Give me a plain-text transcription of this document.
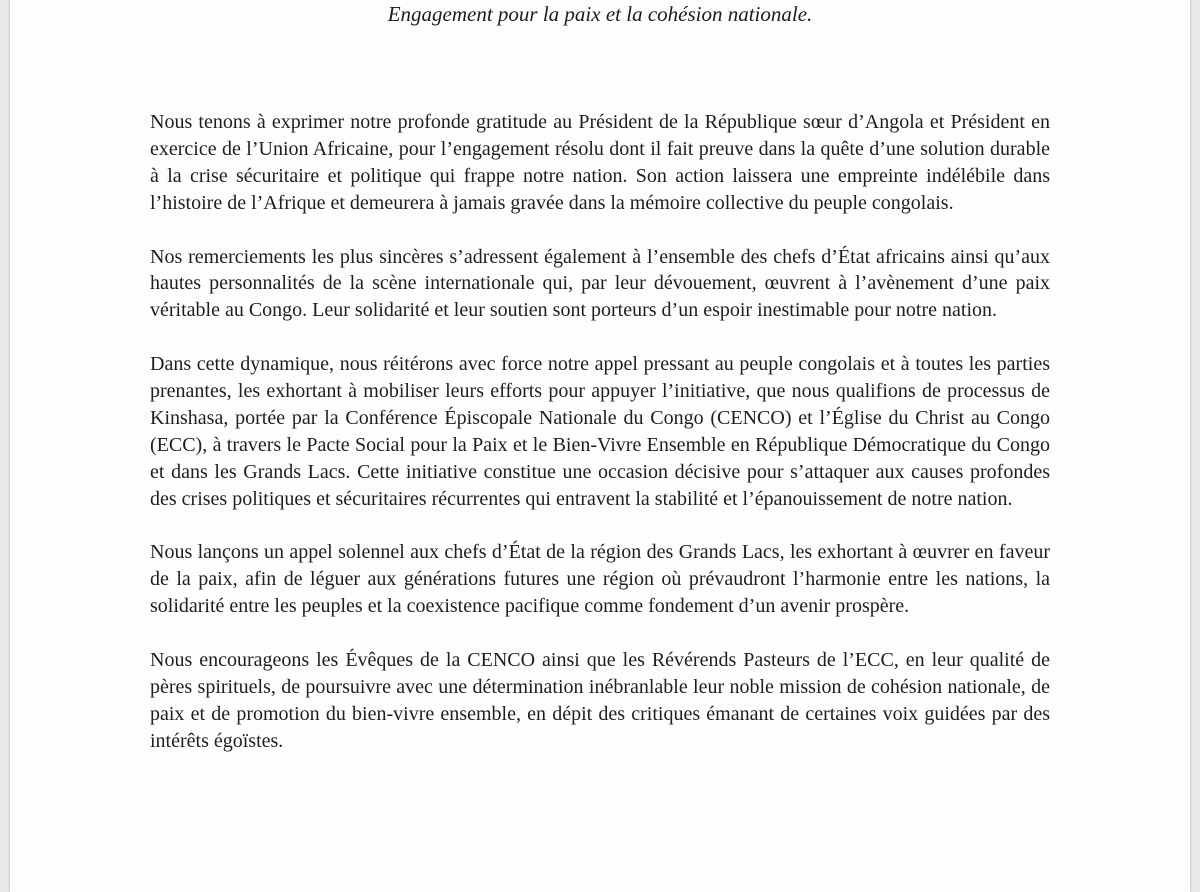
Engagement pour la paix et la cohésion nationale.

Nous tenons à exprimer notre profonde gratitude au Président de la République sœur d’Angola et Président en exercice de l’Union Africaine, pour l’engagement résolu dont il fait preuve dans la quête d’une solution durable à la crise sécuritaire et politique qui frappe notre nation. Son action laissera une empreinte indélébile dans l’histoire de l’Afrique et demeurera à jamais gravée dans la mémoire collective du peuple congolais.

Nos remerciements les plus sincères s’adressent également à l’ensemble des chefs d’État africains ainsi qu’aux hautes personnalités de la scène internationale qui, par leur dévouement, œuvrent à l’avènement d’une paix véritable au Congo. Leur solidarité et leur soutien sont porteurs d’un espoir inestimable pour notre nation.

Dans cette dynamique, nous réitérons avec force notre appel pressant au peuple congolais et à toutes les parties prenantes, les exhortant à mobiliser leurs efforts pour appuyer l’initiative, que nous qualifions de processus de Kinshasa, portée par la Conférence Épiscopale Nationale du Congo (CENCO) et l’Église du Christ au Congo (ECC), à travers le Pacte Social pour la Paix et le Bien-Vivre Ensemble en République Démocratique du Congo et dans les Grands Lacs. Cette initiative constitue une occasion décisive pour s’attaquer aux causes profondes des crises politiques et sécuritaires récurrentes qui entravent la stabilité et l’épanouissement de notre nation.

Nous lançons un appel solennel aux chefs d’État de la région des Grands Lacs, les exhortant à œuvrer en faveur de la paix, afin de léguer aux générations futures une région où prévaudront l’harmonie entre les nations, la solidarité entre les peuples et la coexistence pacifique comme fondement d’un avenir prospère.

Nous encourageons les Évêques de la CENCO ainsi que les Révérends Pasteurs de l’ECC, en leur qualité de pères spirituels, de poursuivre avec une détermination inébranlable leur noble mission de cohésion nationale, de paix et de promotion du bien-vivre ensemble, en dépit des critiques émanant de certaines voix guidées par des intérêts égoïstes.
